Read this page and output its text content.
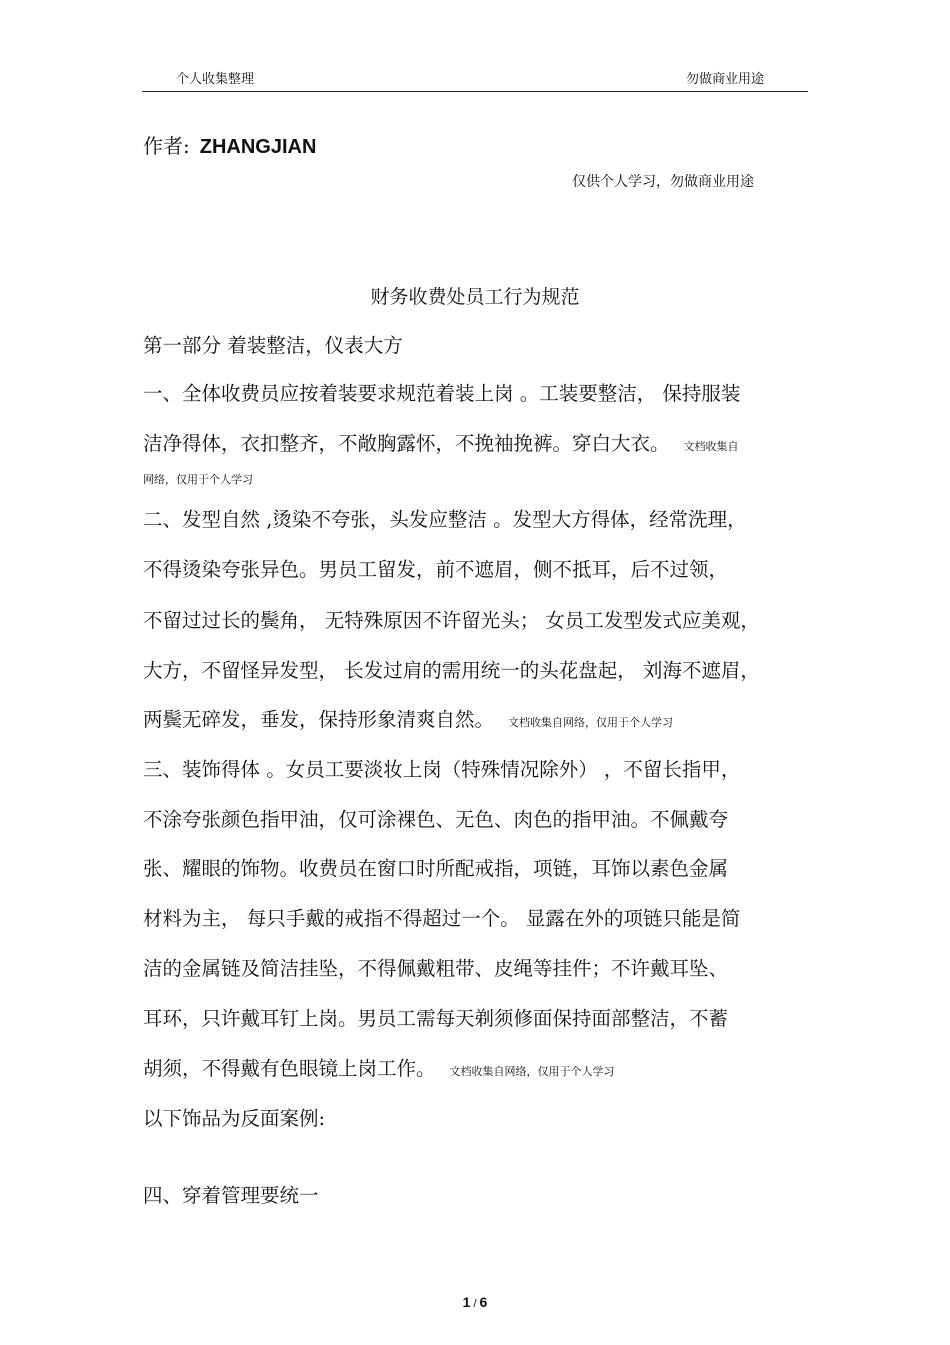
个人收集整理	勿做商业用途
作者: ZHANGJIAN
仅供个人学习，勿做商业用途
财务收费处员工行为规范
第一部分 着装整洁，仪表大方
一、全体收费员应按着装要求规范着装上岗 。工装要整洁， 保持服装
洁净得体，衣扣整齐，不敞胸露怀，不挽袖挽裤。穿白大衣。 文档收集自
网络，仅用于个人学习
二、发型自然 ,烫染不夸张，头发应整洁 。发型大方得体，经常洗理，
不得烫染夸张异色。男员工留发，前不遮眉，侧不抵耳，后不过领，
不留过过长的鬓角， 无特殊原因不许留光头； 女员工发型发式应美观，
大方，不留怪异发型， 长发过肩的需用统一的头花盘起， 刘海不遮眉，
两鬓无碎发，垂发，保持形象清爽自然。 文档收集自网络，仅用于个人学习
三、装饰得体 。女员工要淡妆上岗（特殊情况除外） ，不留长指甲，
不涂夸张颜色指甲油，仅可涂裸色、无色、肉色的指甲油。不佩戴夸
张、耀眼的饰物。收费员在窗口时所配戒指，项链，耳饰以素色金属
材料为主， 每只手戴的戒指不得超过一个。 显露在外的项链只能是简
洁的金属链及简洁挂坠，不得佩戴粗带、皮绳等挂件；不许戴耳坠、
耳环，只许戴耳钉上岗。男员工需每天剃须修面保持面部整洁，不蓄
胡须，不得戴有色眼镜上岗工作。 文档收集自网络，仅用于个人学习
以下饰品为反面案例:
四、穿着管理要统一
1 / 6
